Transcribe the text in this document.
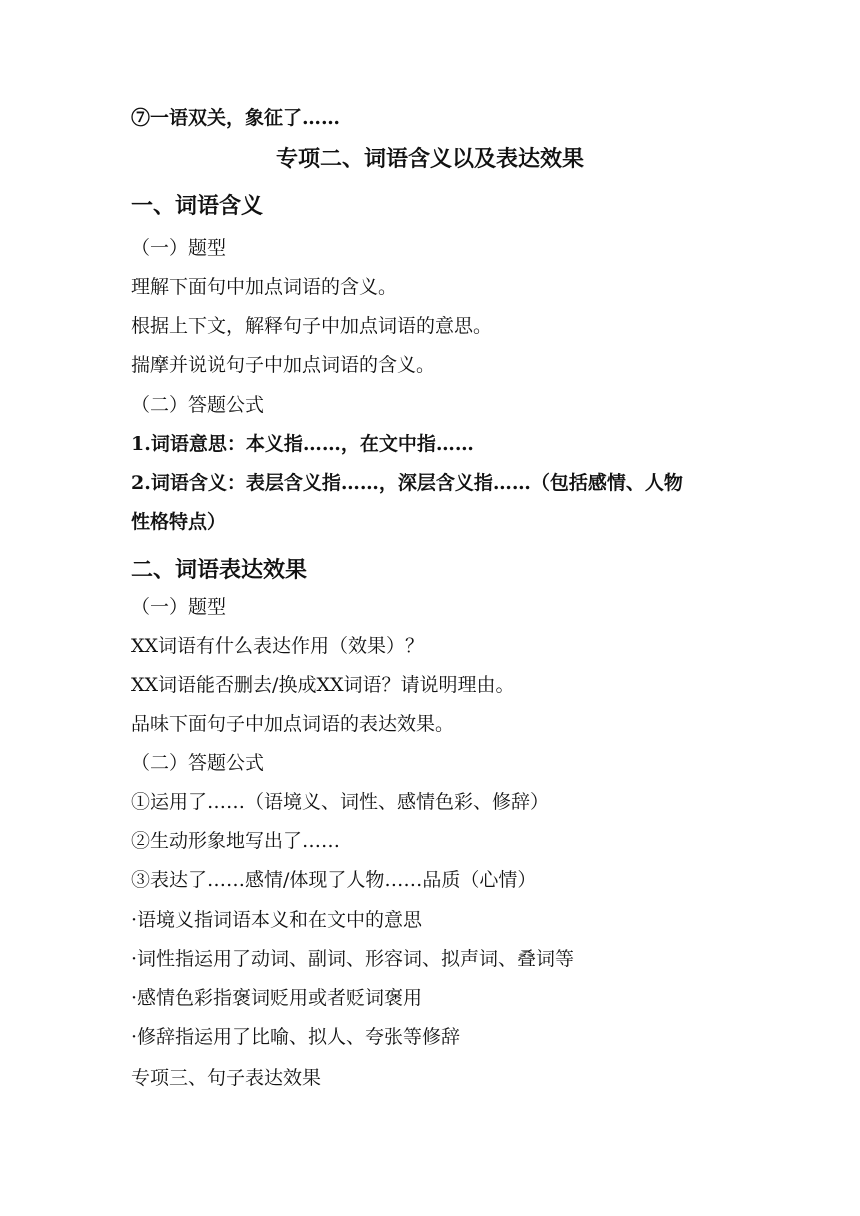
⑦一语双关，象征了……
专项二、词语含义以及表达效果
一、词语含义
（一）题型
理解下面句中加点词语的含义。
根据上下文，解释句子中加点词语的意思。
揣摩并说说句子中加点词语的含义。
（二）答题公式
1.词语意思：本义指……，在文中指……
2.词语含义：表层含义指……，深层含义指……（包括感情、人物
性格特点）
二、词语表达效果
（一）题型
XX词语有什么表达作用（效果）？
XX词语能否删去/换成XX词语？请说明理由。
品味下面句子中加点词语的表达效果。
（二）答题公式
①运用了……（语境义、词性、感情色彩、修辞）
②生动形象地写出了……
③表达了……感情/体现了人物……品质（心情）
·语境义指词语本义和在文中的意思
·词性指运用了动词、副词、形容词、拟声词、叠词等
·感情色彩指褒词贬用或者贬词褒用
·修辞指运用了比喻、拟人、夸张等修辞
专项三、句子表达效果
